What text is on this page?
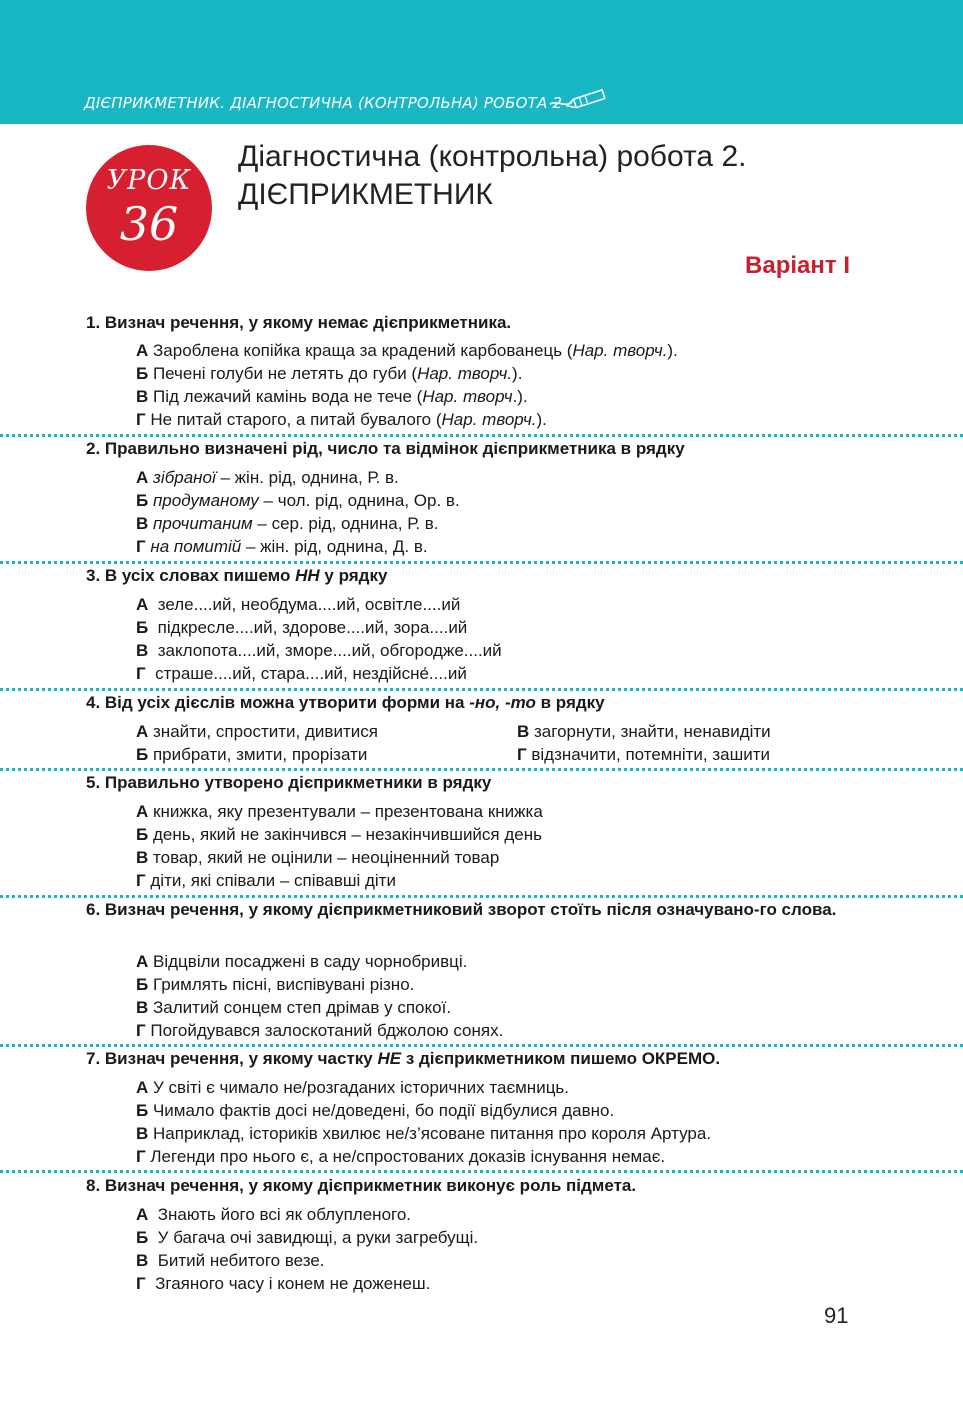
ДІЄПРИКМЕТНИК. ДІАГНОСТИЧНА (КОНТРОЛЬНА) РОБОТА 2
УРОК
36
Діагностична (контрольна) робота 2.
ДІЄПРИКМЕТНИК
Варіант І
1. Визнач речення, у якому немає дієприкметника.
А Зароблена копійка краща за крадений карбованець (Нар. творч.).
Б Печені голуби не летять до губи (Нар. творч.).
В Під лежачий камінь вода не тече (Нар. творч.).
Г Не питай старого, а питай бувалого (Нар. творч.).
2. Правильно визначені рід, число та відмінок дієприкметника в рядку
А зібраної – жін. рід, однина, Р. в.
Б продуманому – чол. рід, однина, Ор. в.
В прочитаним – сер. рід, однина, Р. в.
Г на помитій – жін. рід, однина, Д. в.
3. В усіх словах пишемо НН у рядку
А зеле....ий, необдума....ий, освітле....ий
Б підкресле....ий, здорове....ий, зора....ий
В заклопота....ий, зморе....ий, обгородже....ий
Г страше....ий, стара....ий, нездійсне́....ий
4. Від усіх дієслів можна утворити форми на -но, -то в рядку
А знайти, спростити, дивитися
Б прибрати, змити, прорізати
В загорнути, знайти, ненавидіти
Г відзначити, потемніти, зашити
5. Правильно утворено дієприкметники в рядку
А книжка, яку презентували – презентована книжка
Б день, який не закінчився – незакінчившийся день
В товар, який не оцінили – неоціненний товар
Г діти, які співали – співавші діти
6. Визнач речення, у якому дієприкметниковий зворот стоїть після означувано-го слова.
А Відцвіли посаджені в саду чорнобривці.
Б Гримлять пісні, виспівувані різно.
В Залитий сонцем степ дрімав у спокої.
Г Погойдувався залоскотаний бджолою сонях.
7. Визнач речення, у якому частку НЕ з дієприкметником пишемо ОКРЕМО.
А У світі є чимало не/розгаданих історичних таємниць.
Б Чимало фактів досі не/доведені, бо події відбулися давно.
В Наприклад, істориків хвилює не/з’ясоване питання про короля Артура.
Г Легенди про нього є, а не/спростованих доказів існування немає.
8. Визнач речення, у якому дієприкметник виконує роль підмета.
А Знають його всі як облупленого.
Б У багача очі завидющі, а руки загребущі.
В Битий небитого везе.
Г Згаяного часу і конем не доженеш.
91
